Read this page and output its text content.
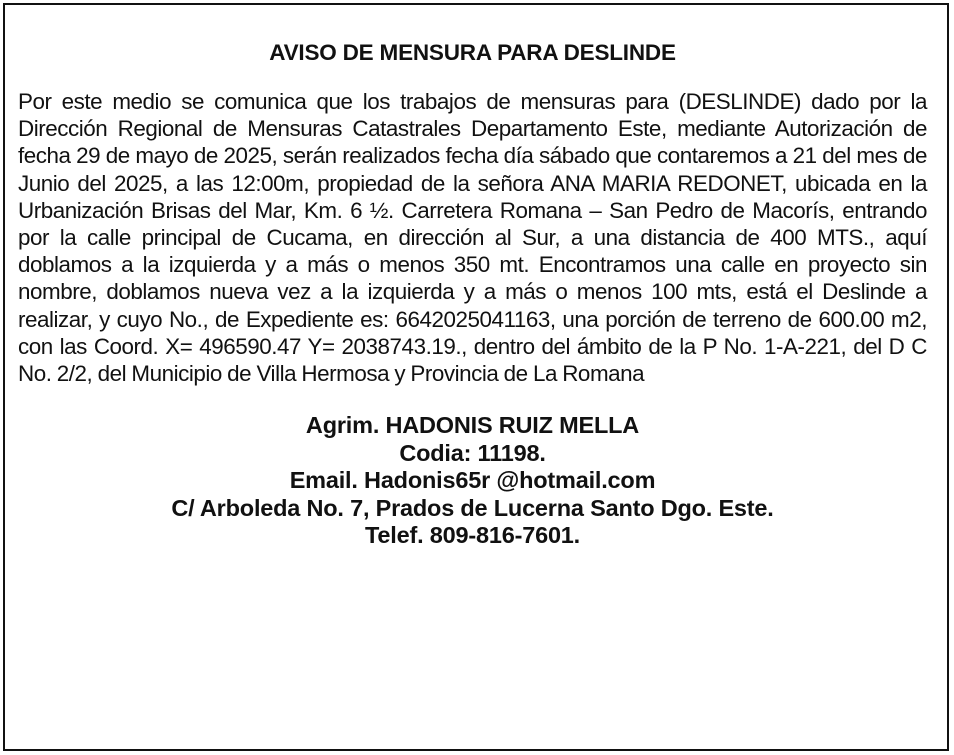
AVISO DE MENSURA PARA DESLINDE

Por este medio se comunica que los trabajos de mensuras para (DESLINDE) dado por la Dirección Regional de Mensuras Catastrales Departamento Este, mediante Autorización de fecha 29 de mayo de 2025, serán realizados fecha día sábado que contaremos a 21 del mes de Junio del 2025, a las 12:00m, propiedad de la señora ANA MARIA REDONET, ubicada en la Urbanización Brisas del Mar, Km. 6 ½. Carretera Romana – San Pedro de Macorís, entrando por la calle principal de Cucama, en dirección al Sur, a una distancia de 400 MTS., aquí doblamos a la izquierda y a más o menos 350 mt. Encontramos una calle en proyecto sin nombre, doblamos nueva vez a la izquierda y a más o menos 100 mts, está el Deslinde a realizar, y cuyo No., de Expediente es: 6642025041163, una porción de terreno de 600.00 m2, con las Coord. X= 496590.47 Y= 2038743.19., dentro del ámbito de la P No. 1-A-221, del D C No. 2/2, del Municipio de Villa Hermosa y Provincia de La Romana

Agrim. HADONIS RUIZ MELLA
Codia: 11198.
Email. Hadonis65r @hotmail.com
C/ Arboleda No. 7, Prados de Lucerna Santo Dgo. Este.
Telef. 809-816-7601.
